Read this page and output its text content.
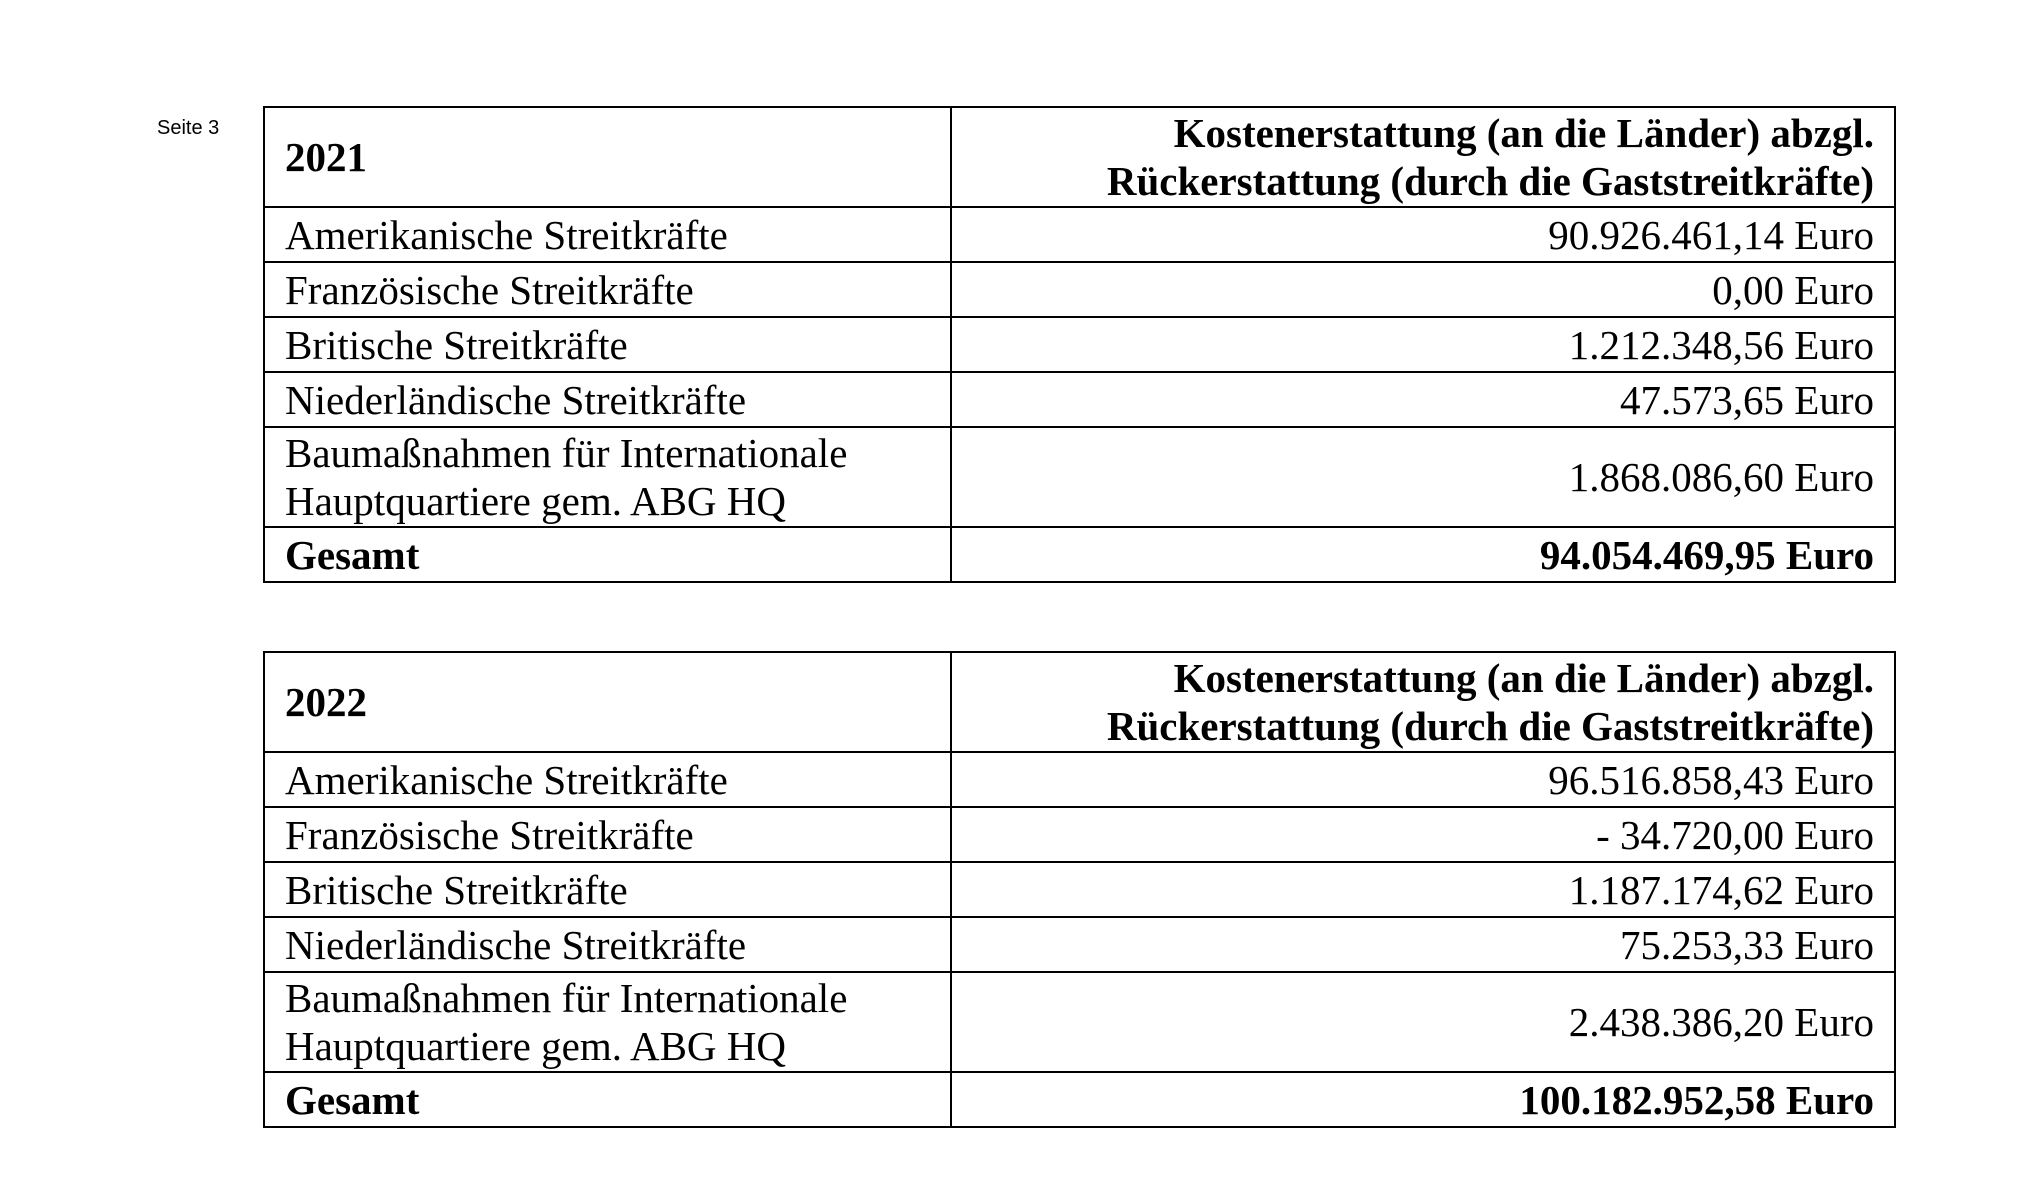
Seite 3
2021	Kostenerstattung (an die Länder) abzgl.
Rückerstattung (durch die Gaststreitkräfte)

Amerikanische Streitkräfte	90.926.461,14 Euro
Französische Streitkräfte	0,00 Euro
Britische Streitkräfte	1.212.348,56 Euro
Niederländische Streitkräfte	47.573,65 Euro

Baumaßnahmen für Internationale
Hauptquartiere gem. ABG HQ	1.868.086,60 Euro
Gesamt	94.054.469,95 Euro
2022	Kostenerstattung (an die Länder) abzgl.
Rückerstattung (durch die Gaststreitkräfte)

Amerikanische Streitkräfte	96.516.858,43 Euro
Französische Streitkräfte	- 34.720,00 Euro
Britische Streitkräfte	1.187.174,62 Euro
Niederländische Streitkräfte	75.253,33 Euro

Baumaßnahmen für Internationale
Hauptquartiere gem. ABG HQ	2.438.386,20 Euro
Gesamt	100.182.952,58 Euro
